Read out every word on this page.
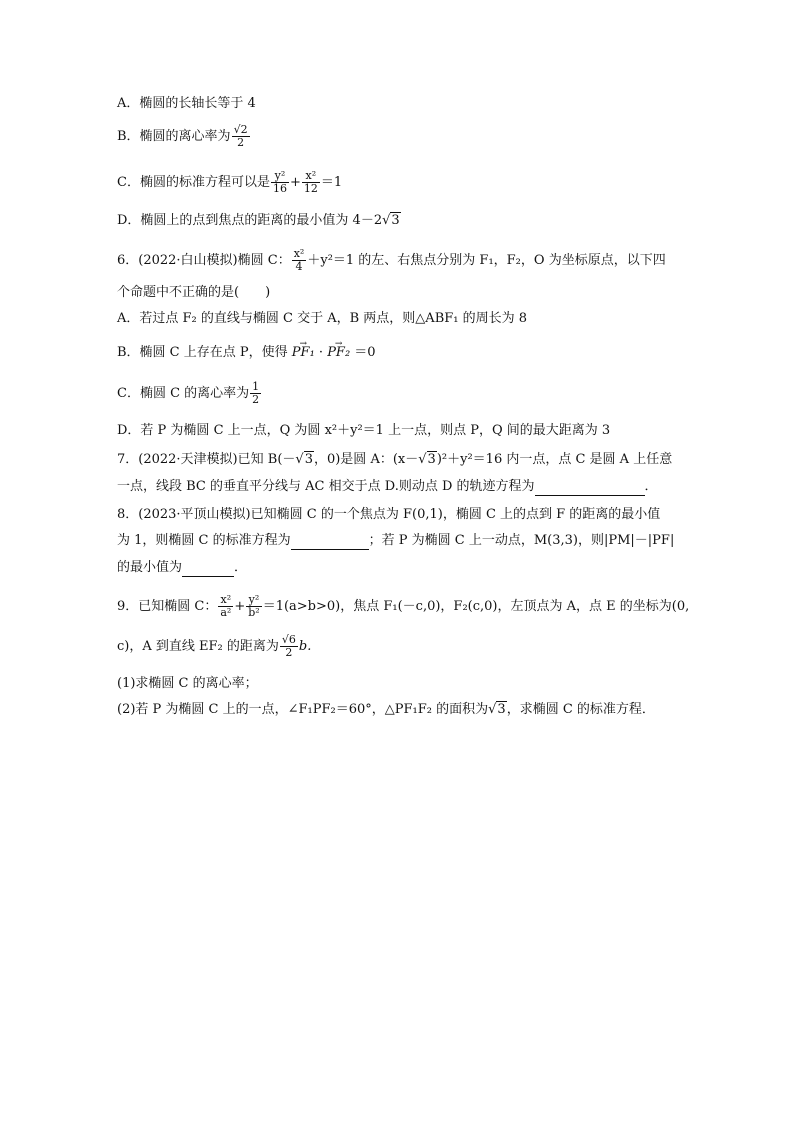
A．椭圆的长轴长等于 4
B．椭圆的离心率为 $\frac{√2}{2}$
C．椭圆的标准方程可以是 $\frac{\text{y²}}{16} + \frac{\text{x²}}{12} =1$
D．椭圆上的点到焦点的距离的最小值为 4－2√3
6．(2022·白山模拟)椭圆 C： $\frac{\text{x²}}{4} +y^2=1$ 的左、右焦点分别为 F₁，F₂，O 为坐标原点，以下四
个命题中不正确的是(　　)
A．若过点 F₂ 的直线与椭圆 C 交于 A，B 两点，则△ABF₁ 的周长为 8
B．椭圆 C 上存在点 P，使得 → PF₁ · → PF₂ ＝0
C．椭圆 C 的离心率为 $\frac{1}{2}$
D．若 P 为椭圆 C 上一点，Q 为圆 x²＋y²＝1 上一点，则点 P，Q 间的最大距离为 3
7．(2022·天津模拟)已知 B(－√3，0)是圆 A：(x－√3)²＋y²＝16 内一点，点 C 是圆 A 上任意
一点，线段 BC 的垂直平分线与 AC 相交于点 D.则动点 D 的轨迹方程为	．
8．(2023·平顶山模拟)已知椭圆 C 的一个焦点为 F(0,1)，椭圆 C 上的点到 F 的距离的最小值
为 1，则椭圆 C 的标准方程为	；若 P 为椭圆 C 上一动点，M(3,3)，则|PM|－|PF|
的最小值为	．
9．已知椭圆 C： $\frac{\text{x²}}{\text{a²}} + \frac{\text{y²}}{\text{b²}} =1(a>b>0)$，焦点 F₁(－c,0)，F₂(c,0)，左顶点为 A，点 E 的坐标为(0,
c)，A 到直线 EF₂ 的距离为 $\frac{√6}{2} b$.
(1)求椭圆 C 的离心率；
(2)若 P 为椭圆 C 上的一点，∠F₁PF₂＝60°，△PF₁F₂ 的面积为√3，求椭圆 C 的标准方程．
